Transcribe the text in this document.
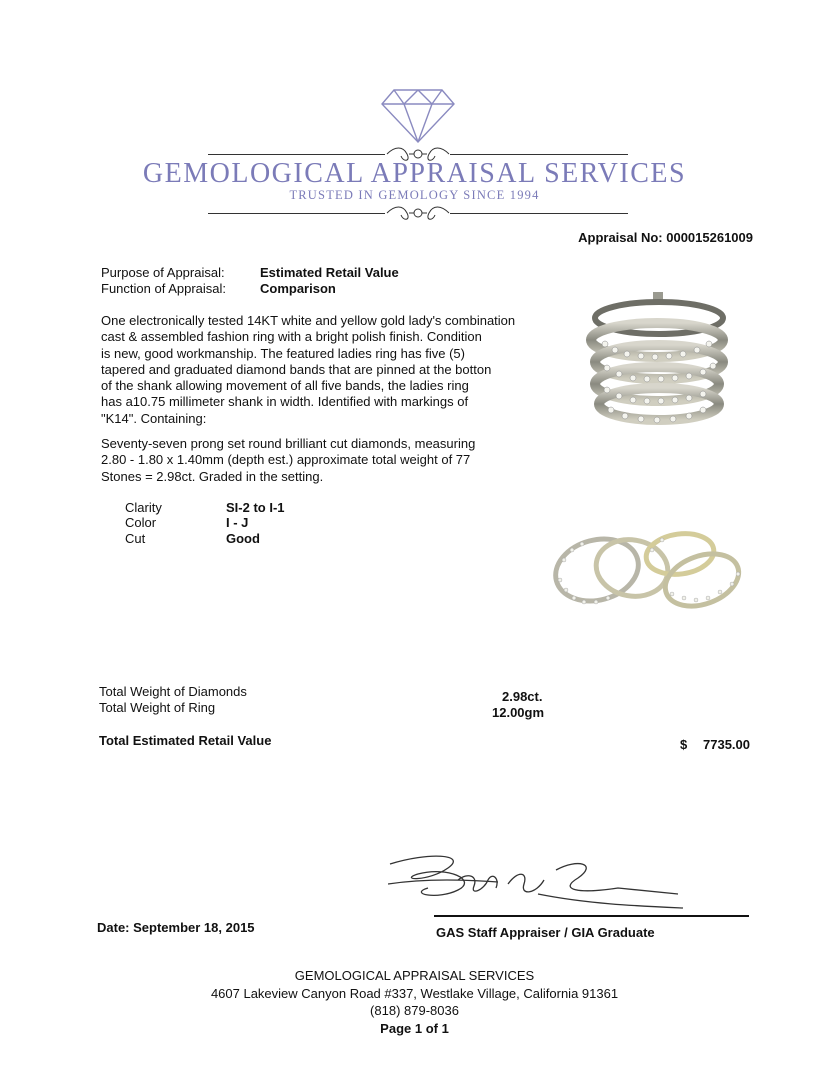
GEMOLOGICAL APPRAISAL SERVICES
TRUSTED IN GEMOLOGY SINCE 1994
Appraisal No: 000015261009
Purpose of Appraisal:	Estimated Retail Value
Function of Appraisal:	Comparison
One electronically tested 14KT white and yellow gold lady's combination
cast & assembled fashion ring with a bright polish finish. Condition
is new, good workmanship. The featured ladies ring has five (5)
tapered and graduated diamond bands that are pinned at the botton
of the shank allowing movement of all five bands, the ladies ring
has a10.75 millimeter shank in width. Identified with markings of
"K14". Containing:
Seventy-seven prong set round brilliant cut diamonds, measuring
2.80 - 1.80 x 1.40mm (depth est.) approximate total weight of 77
Stones = 2.98ct. Graded in the setting.
Clarity	SI-2 to I-1
Color	I - J
Cut	Good
Total Weight of Diamonds	2.98ct.
Total Weight of Ring	12.00gm
Total Estimated Retail Value	$ 7735.00
Date: September 18, 2015	GAS Staff Appraiser / GIA Graduate
GEMOLOGICAL APPRAISAL SERVICES
4607 Lakeview Canyon Road #337, Westlake Village, California 91361
(818) 879-8036
Page 1 of 1
